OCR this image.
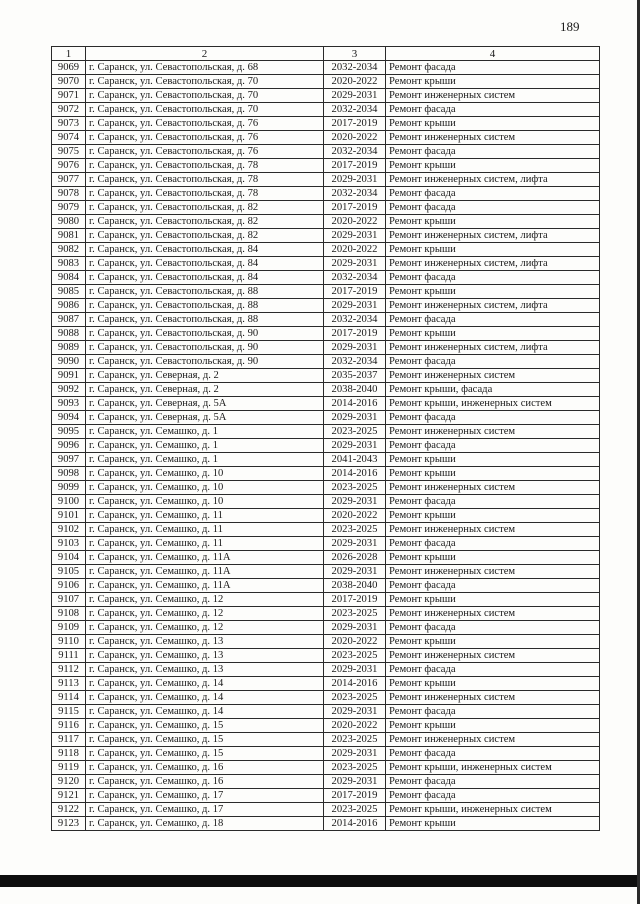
189
1	2	3	4
9069	г. Саранск, ул. Севастопольская, д. 68	2032-2034	Ремонт фасада
9070	г. Саранск, ул. Севастопольская, д. 70	2020-2022	Ремонт крыши
9071	г. Саранск, ул. Севастопольская, д. 70	2029-2031	Ремонт инженерных систем
9072	г. Саранск, ул. Севастопольская, д. 70	2032-2034	Ремонт фасада
9073	г. Саранск, ул. Севастопольская, д. 76	2017-2019	Ремонт крыши
9074	г. Саранск, ул. Севастопольская, д. 76	2020-2022	Ремонт инженерных систем
9075	г. Саранск, ул. Севастопольская, д. 76	2032-2034	Ремонт фасада
9076	г. Саранск, ул. Севастопольская, д. 78	2017-2019	Ремонт крыши
9077	г. Саранск, ул. Севастопольская, д. 78	2029-2031	Ремонт инженерных систем, лифта
9078	г. Саранск, ул. Севастопольская, д. 78	2032-2034	Ремонт фасада
9079	г. Саранск, ул. Севастопольская, д. 82	2017-2019	Ремонт фасада
9080	г. Саранск, ул. Севастопольская, д. 82	2020-2022	Ремонт крыши
9081	г. Саранск, ул. Севастопольская, д. 82	2029-2031	Ремонт инженерных систем, лифта
9082	г. Саранск, ул. Севастопольская, д. 84	2020-2022	Ремонт крыши
9083	г. Саранск, ул. Севастопольская, д. 84	2029-2031	Ремонт инженерных систем, лифта
9084	г. Саранск, ул. Севастопольская, д. 84	2032-2034	Ремонт фасада
9085	г. Саранск, ул. Севастопольская, д. 88	2017-2019	Ремонт крыши
9086	г. Саранск, ул. Севастопольская, д. 88	2029-2031	Ремонт инженерных систем, лифта
9087	г. Саранск, ул. Севастопольская, д. 88	2032-2034	Ремонт фасада
9088	г. Саранск, ул. Севастопольская, д. 90	2017-2019	Ремонт крыши
9089	г. Саранск, ул. Севастопольская, д. 90	2029-2031	Ремонт инженерных систем, лифта
9090	г. Саранск, ул. Севастопольская, д. 90	2032-2034	Ремонт фасада
9091	г. Саранск, ул. Северная, д. 2	2035-2037	Ремонт инженерных систем
9092	г. Саранск, ул. Северная, д. 2	2038-2040	Ремонт крыши, фасада
9093	г. Саранск, ул. Северная, д. 5А	2014-2016	Ремонт крыши, инженерных систем
9094	г. Саранск, ул. Северная, д. 5А	2029-2031	Ремонт фасада
9095	г. Саранск, ул. Семашко, д. 1	2023-2025	Ремонт инженерных систем
9096	г. Саранск, ул. Семашко, д. 1	2029-2031	Ремонт фасада
9097	г. Саранск, ул. Семашко, д. 1	2041-2043	Ремонт крыши
9098	г. Саранск, ул. Семашко, д. 10	2014-2016	Ремонт крыши
9099	г. Саранск, ул. Семашко, д. 10	2023-2025	Ремонт инженерных систем
9100	г. Саранск, ул. Семашко, д. 10	2029-2031	Ремонт фасада
9101	г. Саранск, ул. Семашко, д. 11	2020-2022	Ремонт крыши
9102	г. Саранск, ул. Семашко, д. 11	2023-2025	Ремонт инженерных систем
9103	г. Саранск, ул. Семашко, д. 11	2029-2031	Ремонт фасада
9104	г. Саранск, ул. Семашко, д. 11А	2026-2028	Ремонт крыши
9105	г. Саранск, ул. Семашко, д. 11А	2029-2031	Ремонт инженерных систем
9106	г. Саранск, ул. Семашко, д. 11А	2038-2040	Ремонт фасада
9107	г. Саранск, ул. Семашко, д. 12	2017-2019	Ремонт крыши
9108	г. Саранск, ул. Семашко, д. 12	2023-2025	Ремонт инженерных систем
9109	г. Саранск, ул. Семашко, д. 12	2029-2031	Ремонт фасада
9110	г. Саранск, ул. Семашко, д. 13	2020-2022	Ремонт крыши
9111	г. Саранск, ул. Семашко, д. 13	2023-2025	Ремонт инженерных систем
9112	г. Саранск, ул. Семашко, д. 13	2029-2031	Ремонт фасада
9113	г. Саранск, ул. Семашко, д. 14	2014-2016	Ремонт крыши
9114	г. Саранск, ул. Семашко, д. 14	2023-2025	Ремонт инженерных систем
9115	г. Саранск, ул. Семашко, д. 14	2029-2031	Ремонт фасада
9116	г. Саранск, ул. Семашко, д. 15	2020-2022	Ремонт крыши
9117	г. Саранск, ул. Семашко, д. 15	2023-2025	Ремонт инженерных систем
9118	г. Саранск, ул. Семашко, д. 15	2029-2031	Ремонт фасада
9119	г. Саранск, ул. Семашко, д. 16	2023-2025	Ремонт крыши, инженерных систем
9120	г. Саранск, ул. Семашко, д. 16	2029-2031	Ремонт фасада
9121	г. Саранск, ул. Семашко, д. 17	2017-2019	Ремонт фасада
9122	г. Саранск, ул. Семашко, д. 17	2023-2025	Ремонт крыши, инженерных систем
9123	г. Саранск, ул. Семашко, д. 18	2014-2016	Ремонт крыши
